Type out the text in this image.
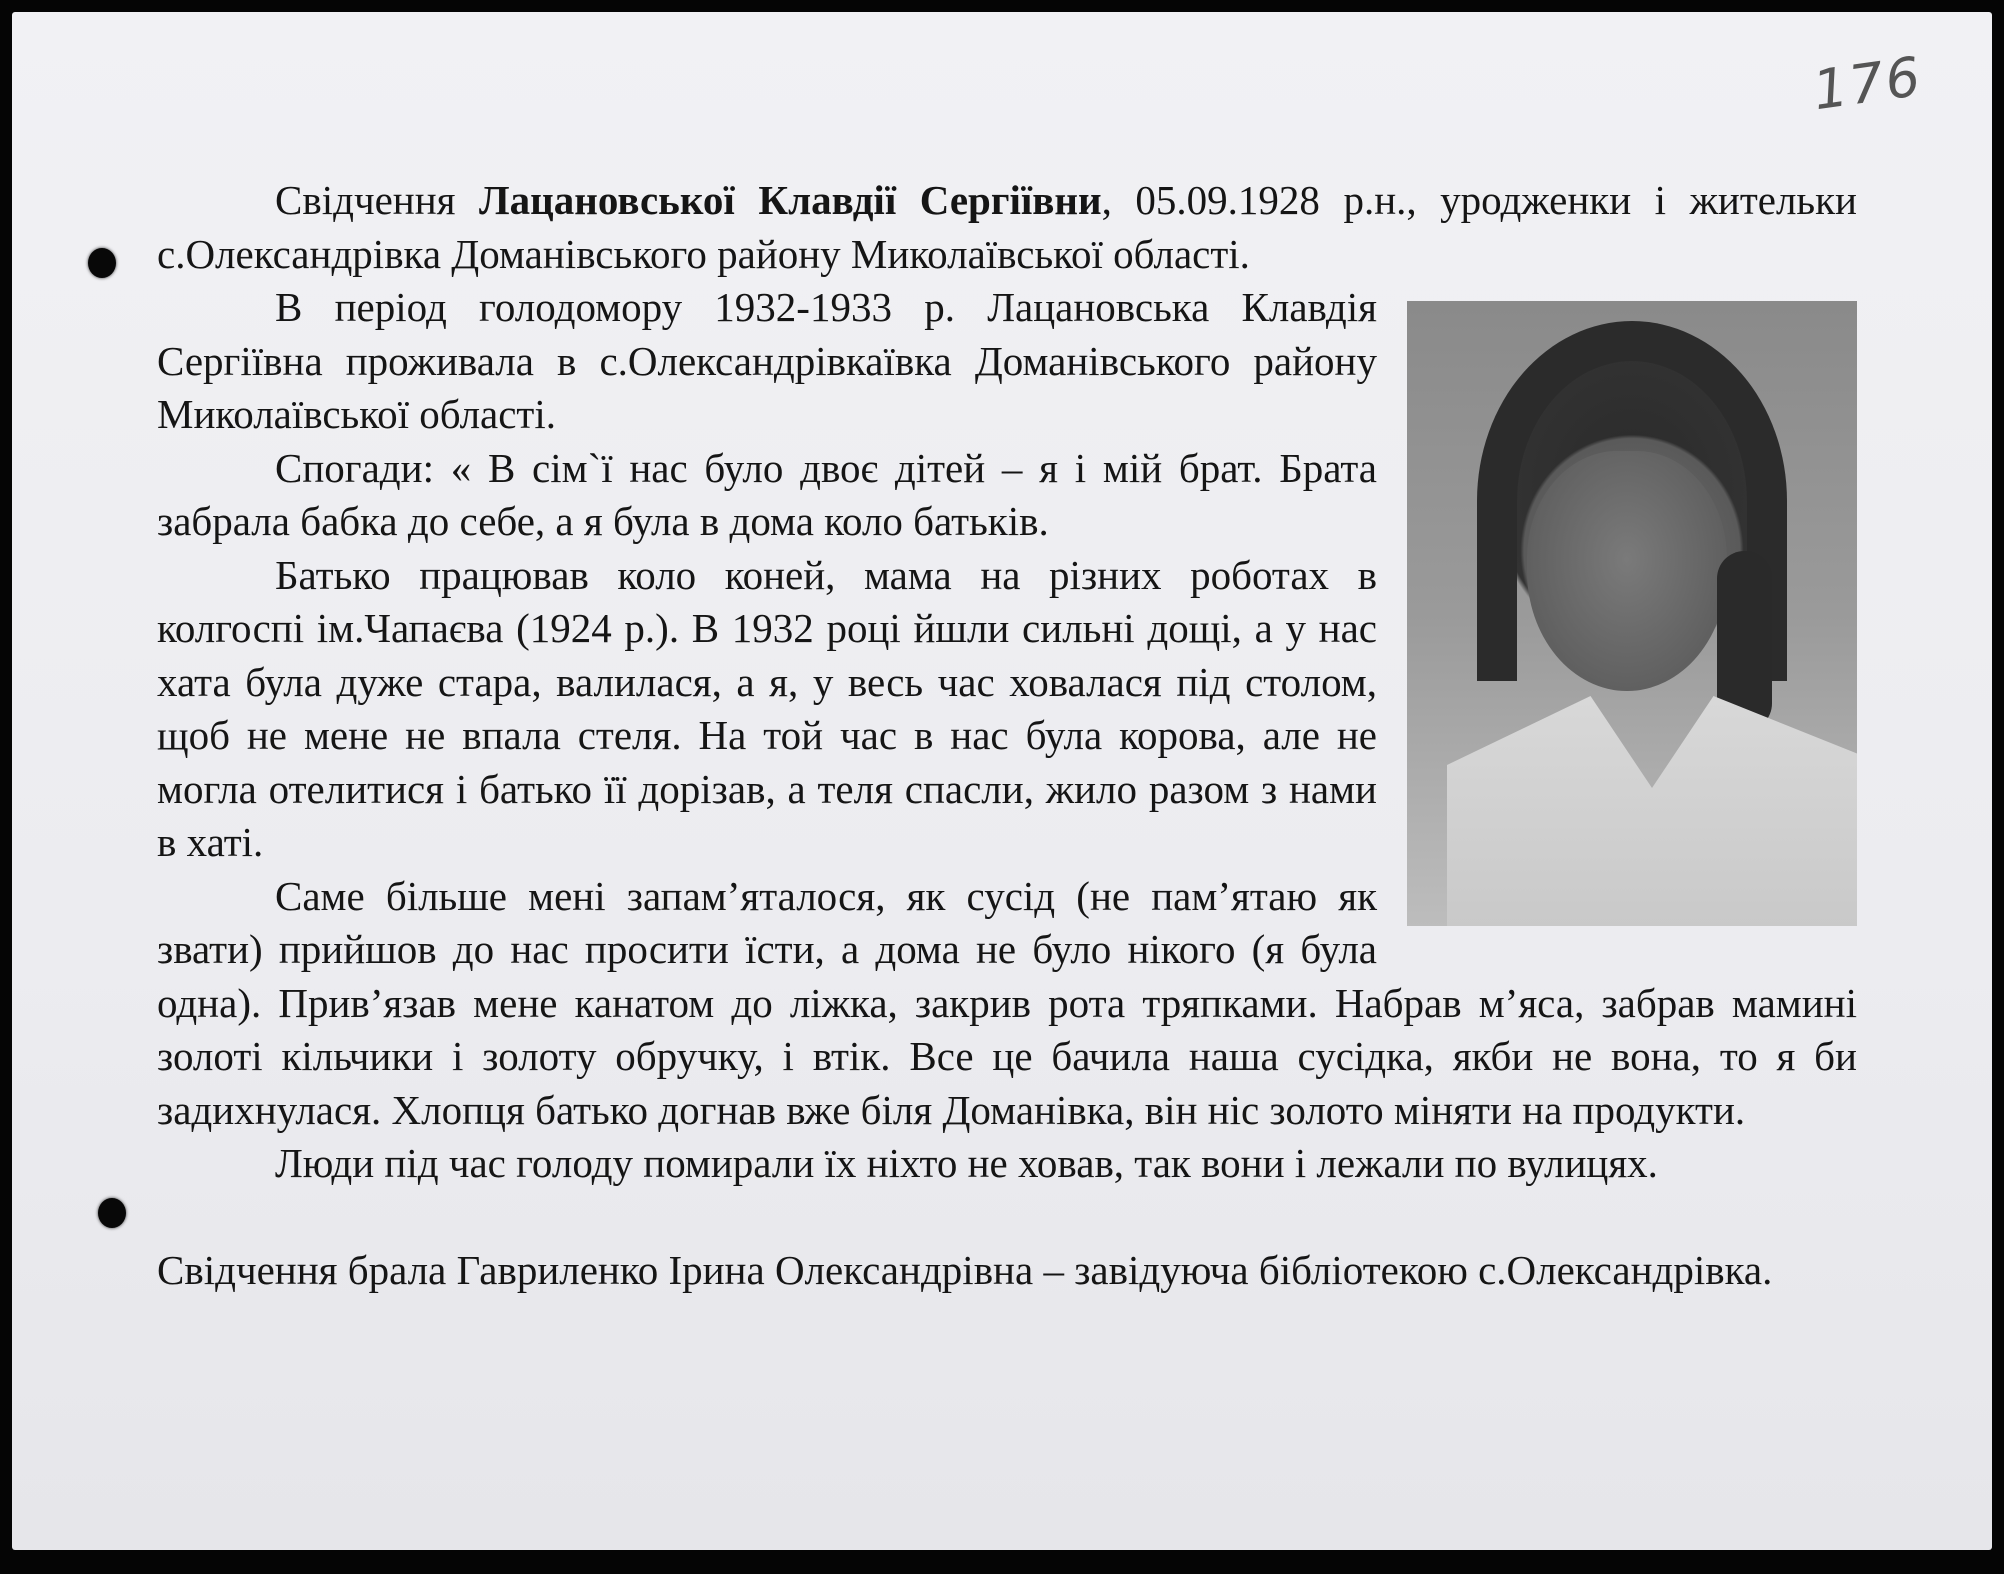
176

Свідчення Лацановської Клавдії Сергіївни, 05.09.1928 р.н., уродженки і жительки с.Олександрівка Доманівського району Миколаївської області.

В період голодомору 1932-1933 р. Лацановська Клавдія Сергіївна проживала в с.Олександрівкаївка Доманівського району Миколаївської області.

Спогади: « В сім`ї нас було двоє дітей – я і мій брат. Брата забрала бабка до себе, а я була в дома коло батьків.

Батько працював коло коней, мама на різних роботах в колгоспі ім.Чапаєва (1924 р.). В 1932 році йшли сильні дощі, а у нас хата була дуже стара, валилася, а я, у весь час ховалася під столом, щоб не мене не впала стеля. На той час в нас була корова, але не могла отелитися і батько її дорізав, а теля спасли, жило разом з нами в хаті.

Саме більше мені запам’яталося, як сусід (не пам’ятаю як звати) прийшов до нас просити їсти, а дома не було нікого (я була одна). Прив’язав мене канатом до ліжка, закрив рота тряпками. Набрав м’яса, забрав мамині золоті кільчики і золоту обручку, і втік. Все це бачила наша сусідка, якби не вона, то я би задихнулася. Хлопця батько догнав вже біля Доманівка, він ніс золото міняти на продукти.

Люди під час голоду помирали їх ніхто не ховав, так вони і лежали по вулицях.

Свідчення брала Гавриленко Ірина Олександрівна – завідуюча бібліотекою с.Олександрівка.
